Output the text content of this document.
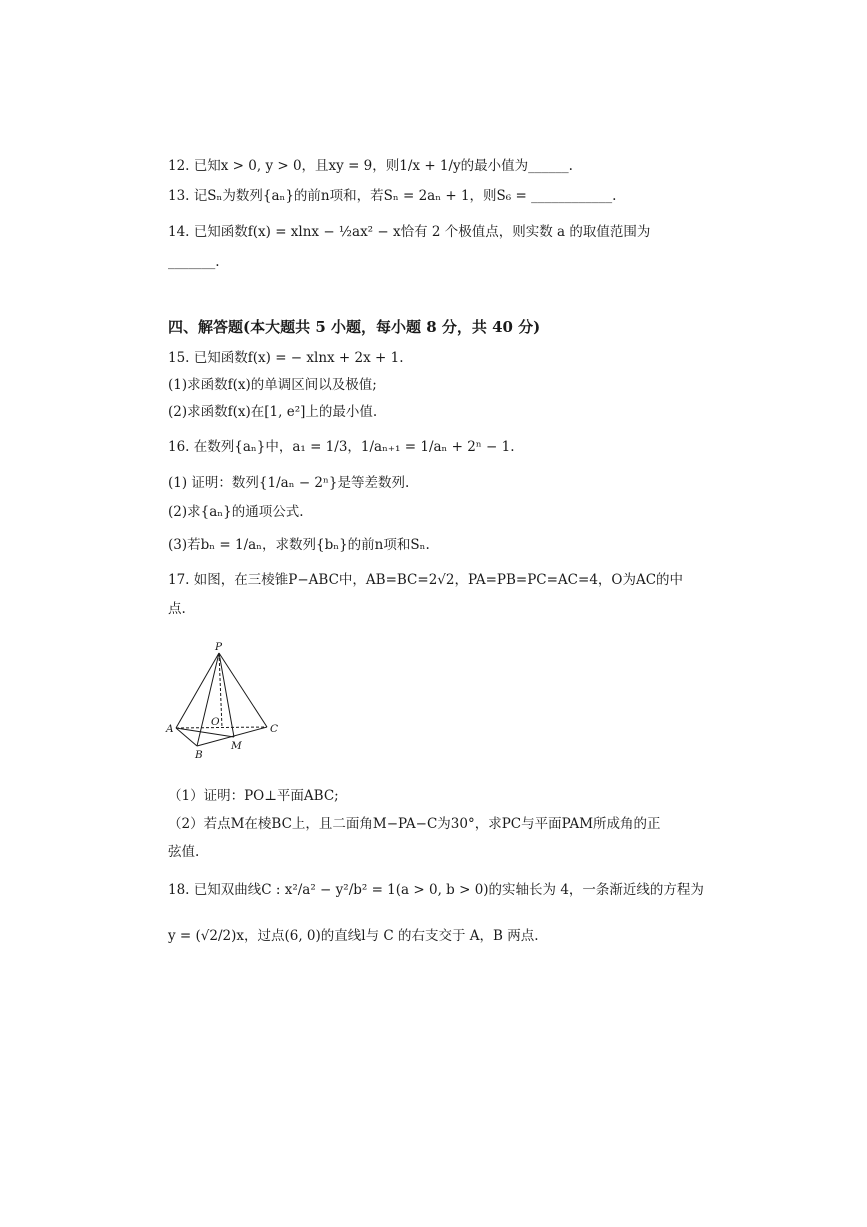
12. 已知x > 0, y > 0，且xy = 9，则1/x + 1/y的最小值为______.
13. 记Sₙ为数列{aₙ}的前n项和，若Sₙ = 2aₙ + 1，则S₆ = ____________.
14. 已知函数f(x) = xlnx − ½ax² − x恰有 2 个极值点，则实数 a 的取值范围为
_______.
四、解答题(本大题共 5 小题，每小题 8 分，共 40 分)
15. 已知函数f(x) = − xlnx + 2x + 1.
(1)求函数f(x)的单调区间以及极值;
(2)求函数f(x)在[1, e²]上的最小值.
16. 在数列{aₙ}中，a₁ = 1/3，1/aₙ₊₁ = 1/aₙ + 2ⁿ − 1.
(1) 证明：数列{1/aₙ − 2ⁿ}是等差数列.
(2)求{aₙ}的通项公式.
(3)若bₙ = 1/aₙ，求数列{bₙ}的前n项和Sₙ.
17. 如图，在三棱锥P−ABC中，AB=BC=2√2，PA=PB=PC=AC=4，O为AC的中
点.
P
A
B
C
O
M
（1）证明：PO⊥平面ABC;
（2）若点M在棱BC上，且二面角M−PA−C为30°，求PC与平面PAM所成角的正
弦值.
18. 已知双曲线C : x²/a² − y²/b² = 1(a > 0, b > 0)的实轴长为 4，一条渐近线的方程为
y = (√2/2)x，过点(6, 0)的直线l与 C 的右支交于 A，B 两点.
